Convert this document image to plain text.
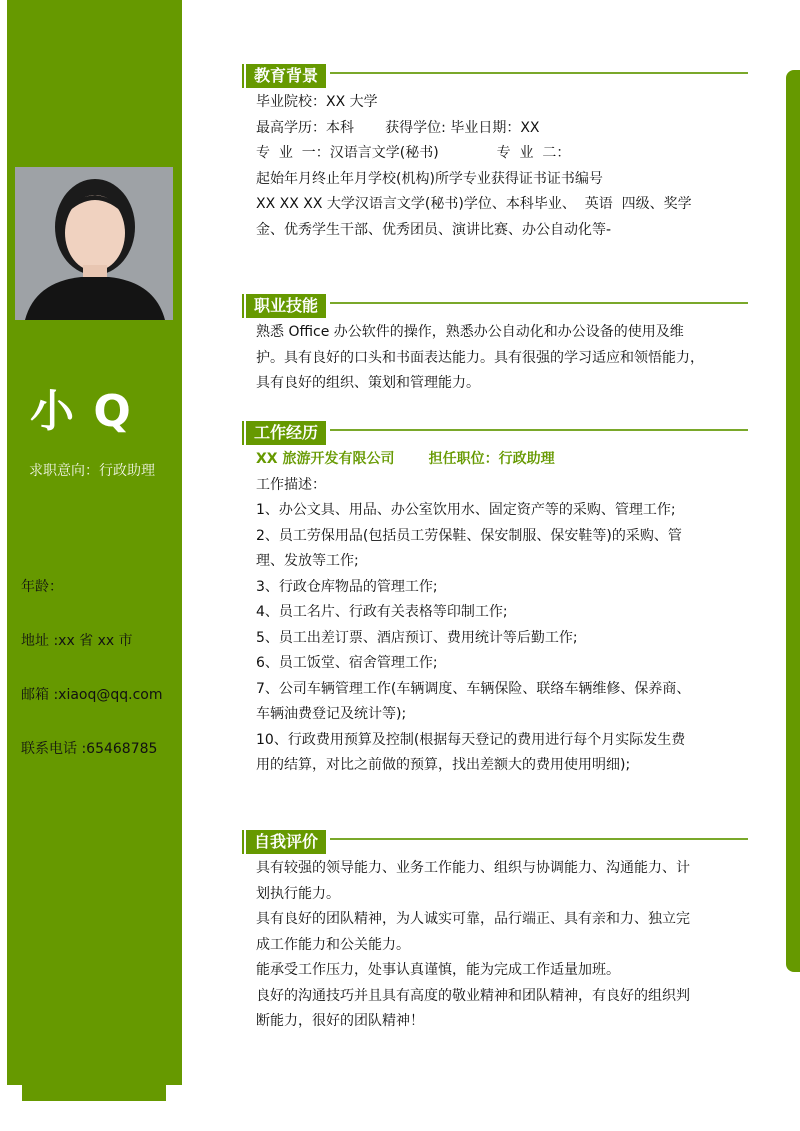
小 Q
求职意向：行政助理
年龄：
地址 :xx 省 xx 市
邮箱 :xiaoq@qq.com
联系电话 :65468785
教育背景
毕业院校：XX 大学
最高学历：本科       获得学位: 毕业日期：XX
专  业  一：汉语言文学(秘书)             专  业  二：
起始年月终止年月学校(机构)所学专业获得证书证书编号
XX XX XX 大学汉语言文学(秘书)学位、本科毕业、  英语  四级、奖学
金、优秀学生干部、优秀团员、演讲比赛、办公自动化等-
职业技能
熟悉 Office 办公软件的操作，熟悉办公自动化和办公设备的使用及维
护。具有良好的口头和书面表达能力。具有很强的学习适应和领悟能力，
具有良好的组织、策划和管理能力。
工作经历
XX 旅游开发有限公司       担任职位：行政助理
工作描述：
1、办公文具、用品、办公室饮用水、固定资产等的采购、管理工作;
2、员工劳保用品(包括员工劳保鞋、保安制服、保安鞋等)的采购、管
理、发放等工作;
3、行政仓库物品的管理工作;
4、员工名片、行政有关表格等印制工作;
5、员工出差订票、酒店预订、费用统计等后勤工作;
6、员工饭堂、宿舍管理工作;
7、公司车辆管理工作(车辆调度、车辆保险、联络车辆维修、保养商、
车辆油费登记及统计等);
10、行政费用预算及控制(根据每天登记的费用进行每个月实际发生费
用的结算，对比之前做的预算，找出差额大的费用使用明细);
自我评价
具有较强的领导能力、业务工作能力、组织与协调能力、沟通能力、计
划执行能力。
具有良好的团队精神，为人诚实可靠，品行端正、具有亲和力、独立完
成工作能力和公关能力。
能承受工作压力，处事认真谨慎，能为完成工作适量加班。
良好的沟通技巧并且具有高度的敬业精神和团队精神，有良好的组织判
断能力，很好的团队精神！
